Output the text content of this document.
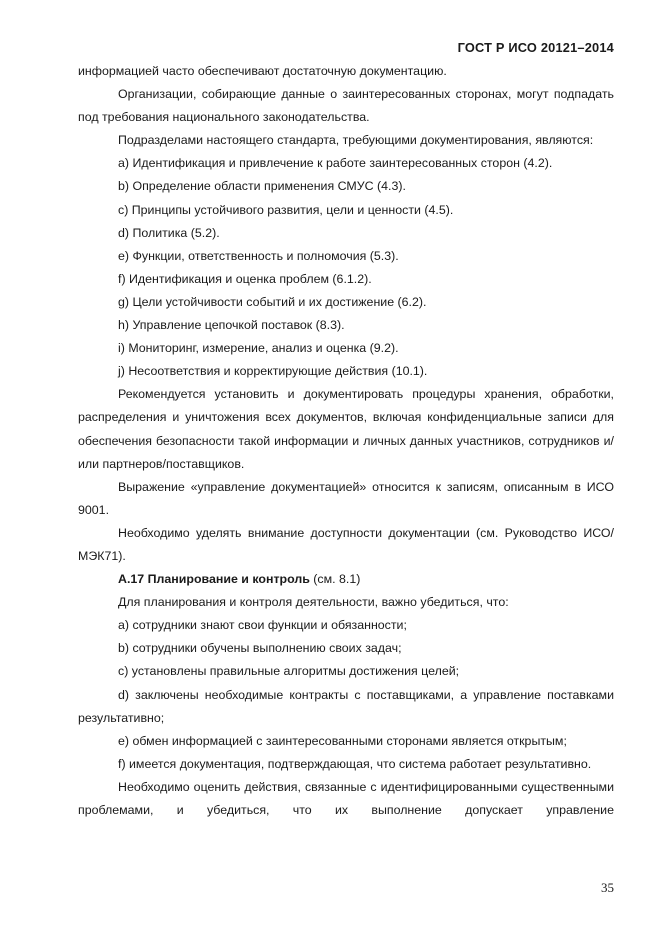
ГОСТ Р ИСО 20121–2014

информацией часто обеспечивают достаточную документацию.

Организации, собирающие данные о заинтересованных сторонах, могут подпадать под требования национального законодательства.

Подразделами настоящего стандарта, требующими документирования, являются:

a) Идентификация и привлечение к работе заинтересованных сторон (4.2).

b) Определение области применения СМУС (4.3).

c) Принципы устойчивого развития, цели и ценности (4.5).

d) Политика (5.2).

e) Функции, ответственность и полномочия (5.3).

f) Идентификация и оценка проблем (6.1.2).

g) Цели устойчивости событий и их достижение (6.2).

h) Управление цепочкой поставок (8.3).

i) Мониторинг, измерение, анализ и оценка (9.2).

j) Несоответствия и корректирующие действия (10.1).

Рекомендуется установить и документировать процедуры хранения, обработки, распределения и уничтожения всех документов, включая конфиденциальные записи для обеспечения безопасности такой информации и личных данных участников, сотрудников и/или партнеров/поставщиков.

Выражение «управление документацией» относится к записям, описанным в ИСО 9001.

Необходимо уделять внимание доступности документации (см. Руководство ИСО/МЭК71).

А.17 Планирование и контроль (см. 8.1)

Для планирования и контроля деятельности, важно убедиться, что:

a) сотрудники знают свои функции и обязанности;

b) сотрудники обучены выполнению своих задач;

c) установлены правильные алгоритмы достижения целей;

d) заключены необходимые контракты с поставщиками, а управление поставками результативно;

e) обмен информацией с заинтересованными сторонами является открытым;

f) имеется документация, подтверждающая, что система работает результативно.

Необходимо оценить действия, связанные с идентифицированными существенными проблемами, и убедиться, что их выполнение допускает управление

35
